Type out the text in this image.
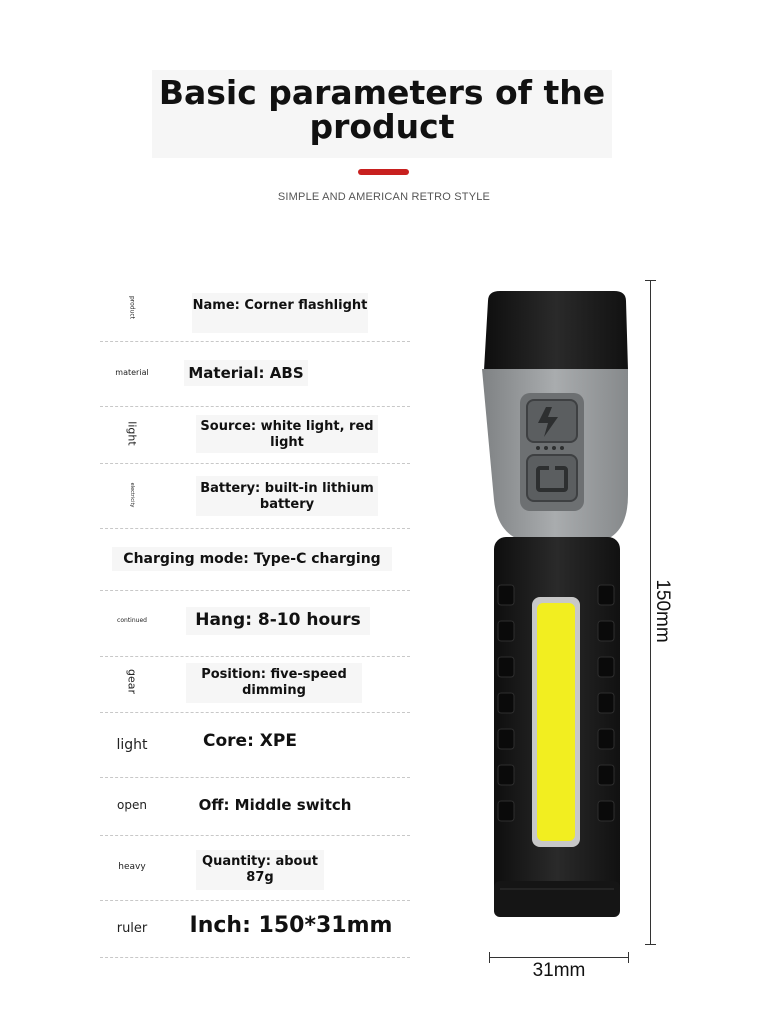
Basic parameters of the product
SIMPLE AND AMERICAN RETRO STYLE
product	Name: Corner flashlight
material	Material: ABS
light	Source: white light, red light
electricity	Battery: built-in lithium battery
Charging mode: Type-C charging
continued	Hang: 8-10 hours
gear	Position: five-speed dimming
light	Core: XPE
open	Off: Middle switch
heavy	Quantity: about 87g
ruler	Inch: 150*31mm
150mm
31mm
